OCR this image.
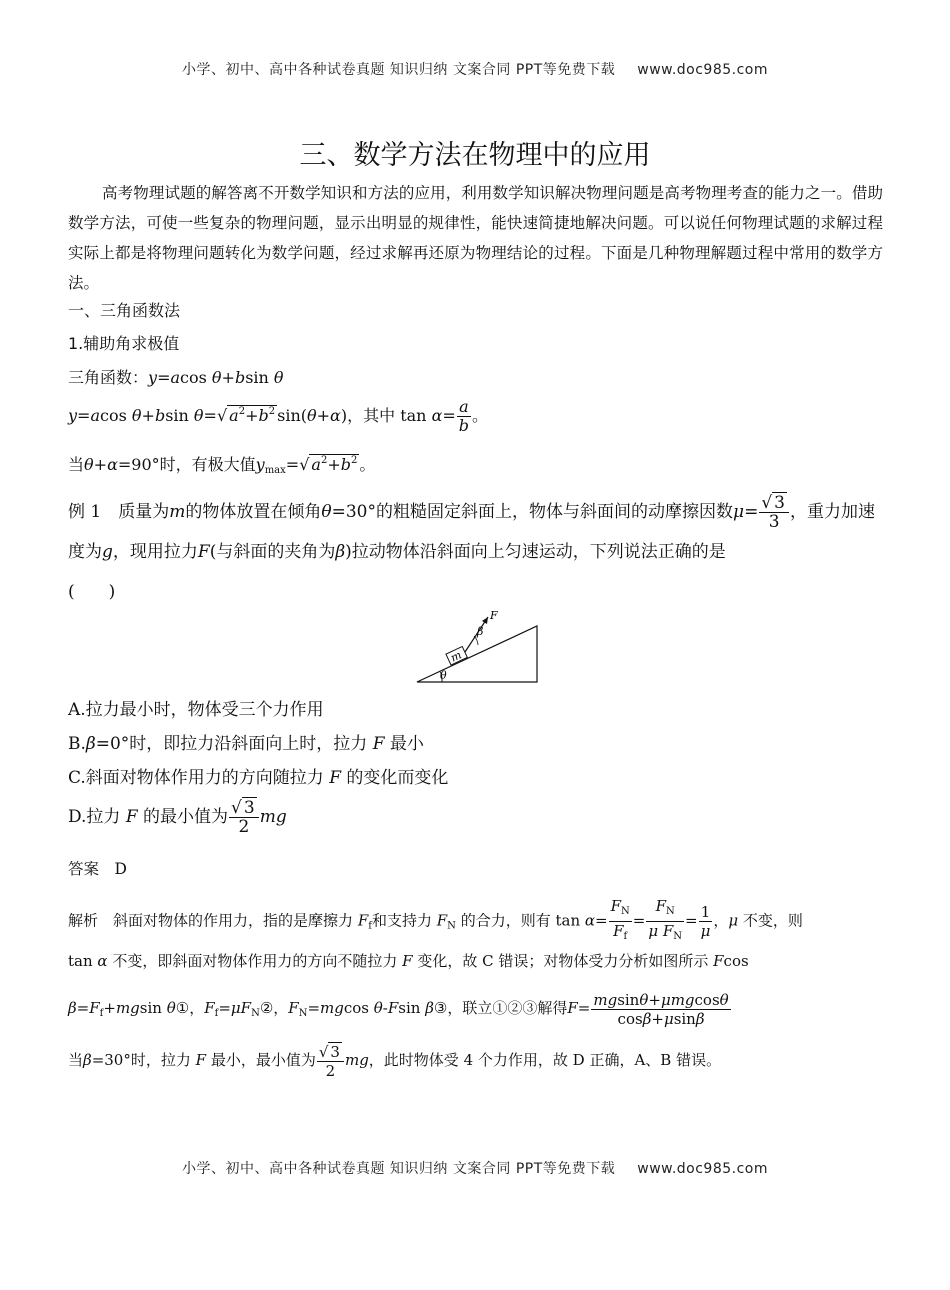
小学、初中、高中各种试卷真题 知识归纳 文案合同 PPT等免费下载 www.doc985.com
三、数学方法在物理中的应用
高考物理试题的解答离不开数学知识和方法的应用，利用数学知识解决物理问题是高考物理考查的能力之一。借助数学方法，可使一些复杂的物理问题，显示出明显的规律性，能快速简捷地解决问题。可以说任何物理试题的求解过程实际上都是将物理问题转化为数学问题，经过求解再还原为物理结论的过程。下面是几种物理解题过程中常用的数学方法。
一、三角函数法
1.辅助角求极值
三角函数：y=acos θ+bsin θ
y=acos θ+bsin θ=√ $a^2+b^2$ sin(θ+α)，其中 $\tan \alpha= \frac{a}{b}$ 。
当θ+α=90°时，有极大值$y_{max}=√$ $a^2+b^2$ 。
例 1　 质量为m的物体放置在倾角θ=30°的粗糙固定斜面上，物体与斜面间的动摩擦因数$\mu= \frac{√ 3}{3}$ ，重力加速度为g，现用拉力F(与斜面的夹角为β)拉动物体沿斜面向上匀速运动，下列说法正确的是
(　　)
θ
m
F
β
A.拉力最小时，物体受三个力作用
B.β=0°时，即拉力沿斜面向上时，拉力 F 最小
C.斜面对物体作用力的方向随拉力 F 的变化而变化
D.拉力 F 的最小值为 $\frac{√ 3}{2}$ mg
答案　 D
解析　 斜面对物体的作用力，指的是摩擦力 $F_f$和支持力 $F_N$ 的合力，则有 $\tan \alpha= \frac{F_N}{F_f} = \frac{F_N}{\mu F_N} = \frac{1}{\mu}$ ，μ 不变，则
tan α 不变，即斜面对物体作用力的方向不随拉力 F 变化，故 C 错误；对物体受力分析如图所示 Fcos
$\beta=F_f+mgsin$ θ①，$F_f=\mu F_N②$，$F_N=mgcos$ θ-Fsin β③，联立①②③解得$F= \frac{\text{mgsinθ+μmgcosθ}}{\cos\beta+\mu\sin\beta}$
当β=30°时，拉力 F 最小，最小值为 $\frac{√ 3}{2}$ mg，此时物体受 4 个力作用，故 D 正确，A、B 错误。
小学、初中、高中各种试卷真题 知识归纳 文案合同 PPT等免费下载 www.doc985.com
